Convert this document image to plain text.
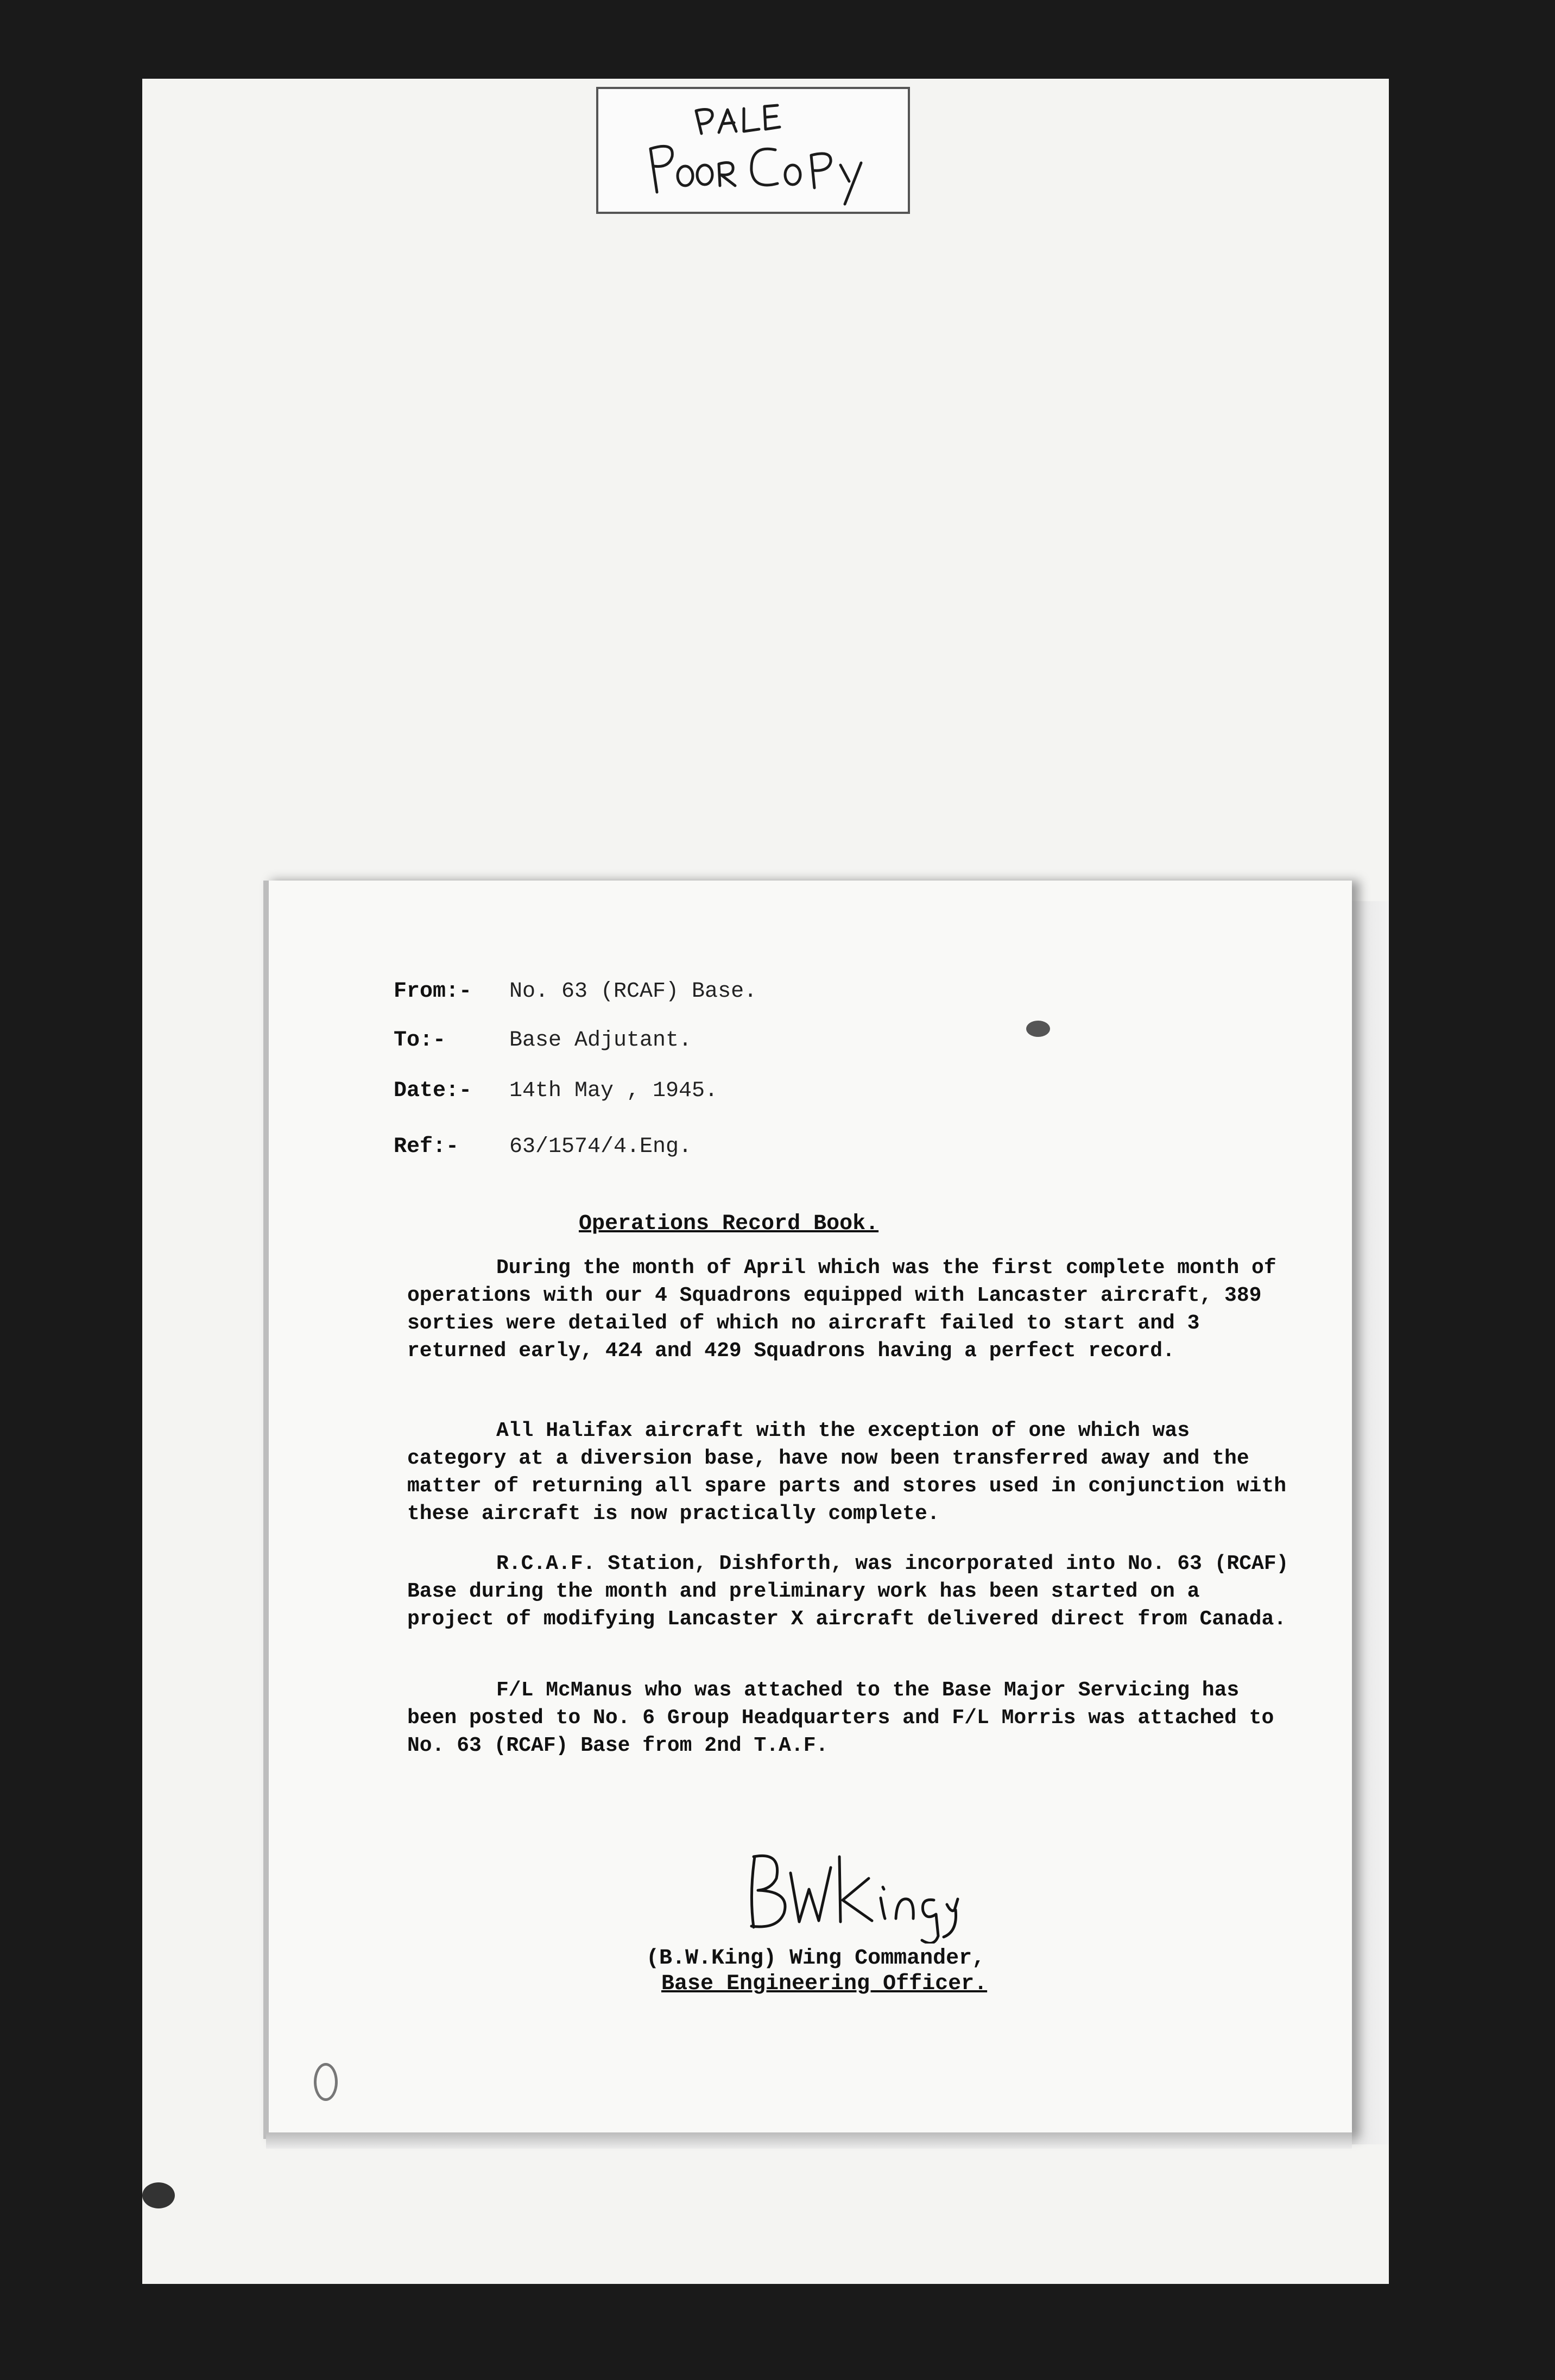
From:- No. 63 (RCAF) Base.
To:-	Base Adjutant.
Date:- 14th May , 1945.
Ref:- 63/1574/4.Eng.
Operations Record Book.

During the month of April which was the first complete month of operations with our 4 Squadrons equipped with Lancaster aircraft, 389 sorties were detailed of which no aircraft failed to start and 3 returned early, 424 and 429 Squadrons having a perfect record.

All Halifax aircraft with the exception of one which was category at a diversion base, have now been transferred away and the matter of returning all spare parts and stores used in conjunction with these aircraft is now practically complete.

R.C.A.F. Station, Dishforth, was incorporated into No. 63 (RCAF) Base during the month and preliminary work has been started on a project of modifying Lancaster X aircraft delivered direct from Canada.

F/L McManus who was attached to the Base Major Servicing has been posted to No. 6 Group Headquarters and F/L Morris was attached to No. 63 (RCAF) Base from 2nd T.A.F.

(B.W.King) Wing Commander,
Base Engineering Officer.
